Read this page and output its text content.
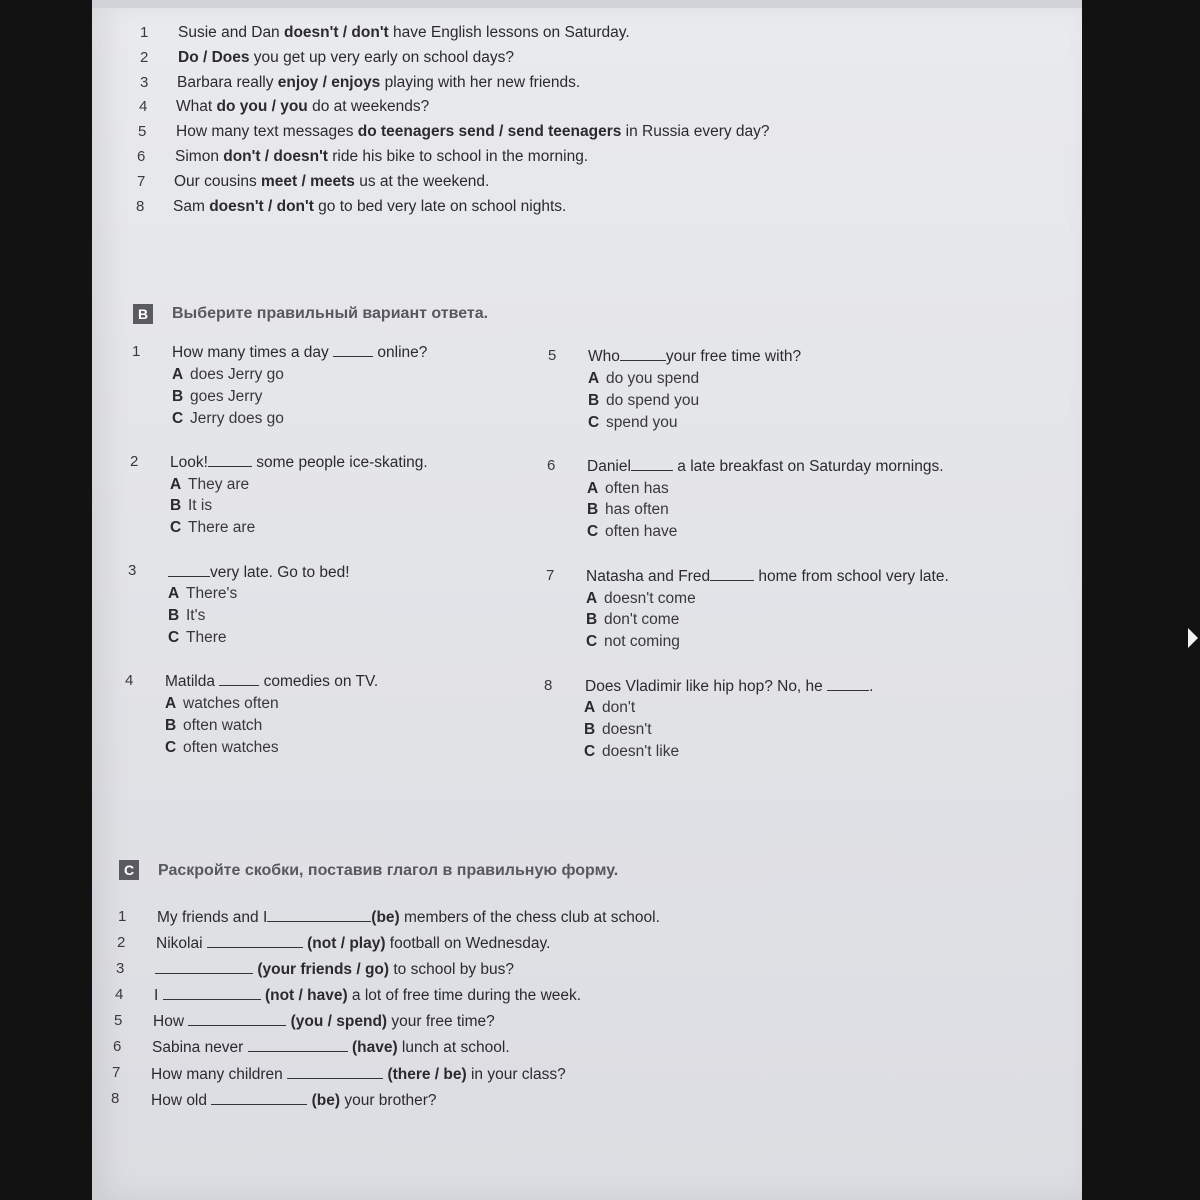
1 Susie and Dan doesn't / don't have English lessons on Saturday.
2 Do / Does you get up very early on school days?
3 Barbara really enjoy / enjoys playing with her new friends.
4 What do you / you do at weekends?
5 How many text messages do teenagers send / send teenagers in Russia every day?
6 Simon don't / doesn't ride his bike to school in the morning.
7 Our cousins meet / meets us at the weekend.
8 Sam doesn't / don't go to bed very late on school nights.
B	Выберите правильный вариант ответа.
1 How many times a day	online?
A does Jerry go
B goes Jerry
C Jerry does go
2 Look!	some people ice-skating.
A They are
B It is
C There are
3	very late. Go to bed!
A There's
B It's
C There
4 Matilda	comedies on TV.
A watches often
B often watch
C often watches
5 Who	your free time with?
A do you spend
B do spend you
C spend you
6 Daniel	a late breakfast on Saturday mornings.
A often has
B has often
C often have
7 Natasha and Fred	home from school very late.
A doesn't come
B don't come
C not coming
8 Does Vladimir like hip hop? No, he	.
A don't
B doesn't
C doesn't like
C	Раскройте скобки, поставив глагол в правильную форму.
1 My friends and I	(be) members of the chess club at school.
2 Nikolai	(not / play) football on Wednesday.
3	(your friends / go) to school by bus?
4 I	(not / have) a lot of free time during the week.
5 How	(you / spend) your free time?
6 Sabina never	(have) lunch at school.
7 How many children	(there / be) in your class?
8 How old	(be) your brother?
